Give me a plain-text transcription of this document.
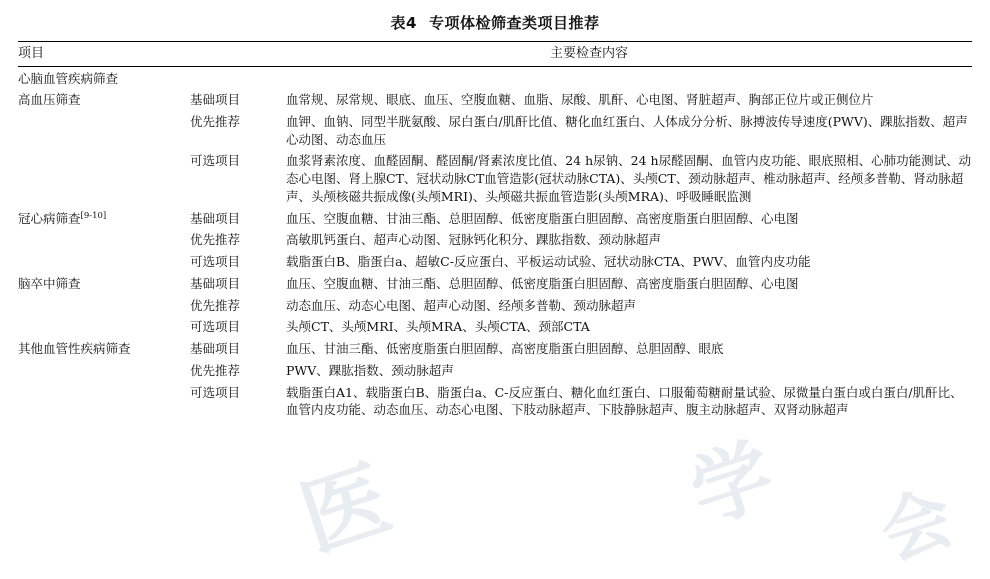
医	学 会
表4 专项体检筛查类项目推荐
项目		主要检查内容

心脑血管疾病筛查		
高血压筛查	基础项目	血常规、尿常规、眼底、血压、空腹血糖、血脂、尿酸、肌酐、心电图、肾脏超声、胸部正位片或正侧位片
	优先推荐	血钾、血钠、同型半胱氨酸、尿白蛋白/肌酐比值、糖化血红蛋白、人体成分分析、脉搏波传导速度(PWV)、踝肱指数、超声心动图、动态血压
	可选项目	血浆肾素浓度、血醛固酮、醛固酮/肾素浓度比值、24 h尿钠、24 h尿醛固酮、血管内皮功能、眼底照相、心肺功能测试、动态心电图、肾上腺CT、冠状动脉CT血管造影(冠状动脉CTA)、头颅CT、颈动脉超声、椎动脉超声、经颅多普勒、肾动脉超声、头颅核磁共振成像(头颅MRI)、头颅磁共振血管造影(头颅MRA)、呼吸睡眠监测
冠心病筛查[9-10]	基础项目	血压、空腹血糖、甘油三酯、总胆固醇、低密度脂蛋白胆固醇、高密度脂蛋白胆固醇、心电图
	优先推荐	高敏肌钙蛋白、超声心动图、冠脉钙化积分、踝肱指数、颈动脉超声
	可选项目	载脂蛋白B、脂蛋白a、超敏C-反应蛋白、平板运动试验、冠状动脉CTA、PWV、血管内皮功能
脑卒中筛查	基础项目	血压、空腹血糖、甘油三酯、总胆固醇、低密度脂蛋白胆固醇、高密度脂蛋白胆固醇、心电图
	优先推荐	动态血压、动态心电图、超声心动图、经颅多普勒、颈动脉超声
	可选项目	头颅CT、头颅MRI、头颅MRA、头颅CTA、颈部CTA
其他血管性疾病筛查	基础项目	血压、甘油三酯、低密度脂蛋白胆固醇、高密度脂蛋白胆固醇、总胆固醇、眼底
	优先推荐	PWV、踝肱指数、颈动脉超声
	可选项目	载脂蛋白A1、载脂蛋白B、脂蛋白a、C-反应蛋白、糖化血红蛋白、口服葡萄糖耐量试验、尿微量白蛋白或白蛋白/肌酐比、血管内皮功能、动态血压、动态心电图、下肢动脉超声、下肢静脉超声、腹主动脉超声、双肾动脉超声
